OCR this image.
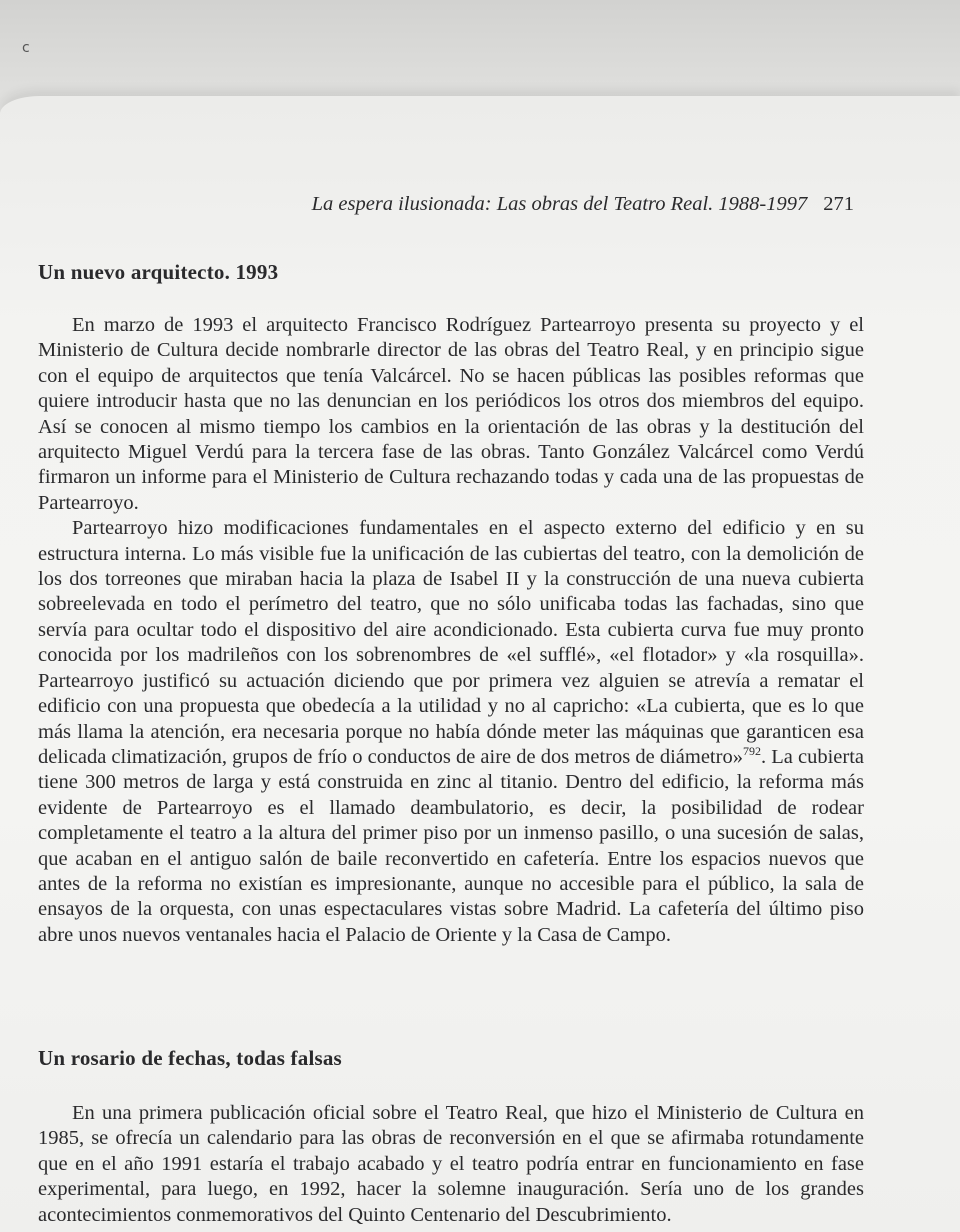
c
La espera ilusionada: Las obras del Teatro Real. 1988-1997 271
Un nuevo arquitecto. 1993

En marzo de 1993 el arquitecto Francisco Rodríguez Partearroyo presenta su proyecto y el Ministerio de Cultura decide nombrarle director de las obras del Teatro Real, y en principio sigue con el equipo de arquitectos que tenía Valcárcel. No se hacen públicas las posibles reformas que quiere introducir hasta que no las denuncian en los periódicos los otros dos miembros del equipo. Así se conocen al mismo tiempo los cambios en la orientación de las obras y la destitución del arquitecto Miguel Verdú para la tercera fase de las obras. Tanto González Valcárcel como Verdú firmaron un informe para el Ministerio de Cultura rechazando todas y cada una de las propuestas de Partearroyo.

Partearroyo hizo modificaciones fundamentales en el aspecto externo del edificio y en su estructura interna. Lo más visible fue la unificación de las cubiertas del teatro, con la demolición de los dos torreones que miraban hacia la plaza de Isabel II y la construcción de una nueva cubierta sobreelevada en todo el perímetro del teatro, que no sólo unificaba todas las fachadas, sino que servía para ocultar todo el dispositivo del aire acondicionado. Esta cubierta curva fue muy pronto conocida por los madrileños con los sobrenombres de «el sufflé», «el flotador» y «la rosquilla». Partearroyo justificó su actuación diciendo que por primera vez alguien se atrevía a rematar el edificio con una propuesta que obedecía a la utilidad y no al capricho: «La cubierta, que es lo que más llama la atención, era necesaria porque no había dónde meter las máquinas que garanticen esa delicada climatización, grupos de frío o conductos de aire de dos metros de diámetro»$^{792}$. La cubierta tiene 300 metros de larga y está construida en zinc al titanio. Dentro del edificio, la reforma más evidente de Partearroyo es el llamado deambulatorio, es decir, la posibilidad de rodear completamente el teatro a la altura del primer piso por un inmenso pasillo, o una sucesión de salas, que acaban en el antiguo salón de baile reconvertido en cafetería. Entre los espacios nuevos que antes de la reforma no existían es impresionante, aunque no accesible para el público, la sala de ensayos de la orquesta, con unas espectaculares vistas sobre Madrid. La cafetería del último piso abre unos nuevos ventanales hacia el Palacio de Oriente y la Casa de Campo.

Un rosario de fechas, todas falsas

En una primera publicación oficial sobre el Teatro Real, que hizo el Ministerio de Cultura en 1985, se ofrecía un calendario para las obras de reconversión en el que se afirmaba rotundamente que en el año 1991 estaría el trabajo acabado y el teatro podría entrar en funcionamiento en fase experimental, para luego, en 1992, hacer la solemne inauguración. Sería uno de los grandes acontecimientos conmemorativos del Quinto Centenario del Descubrimiento.
